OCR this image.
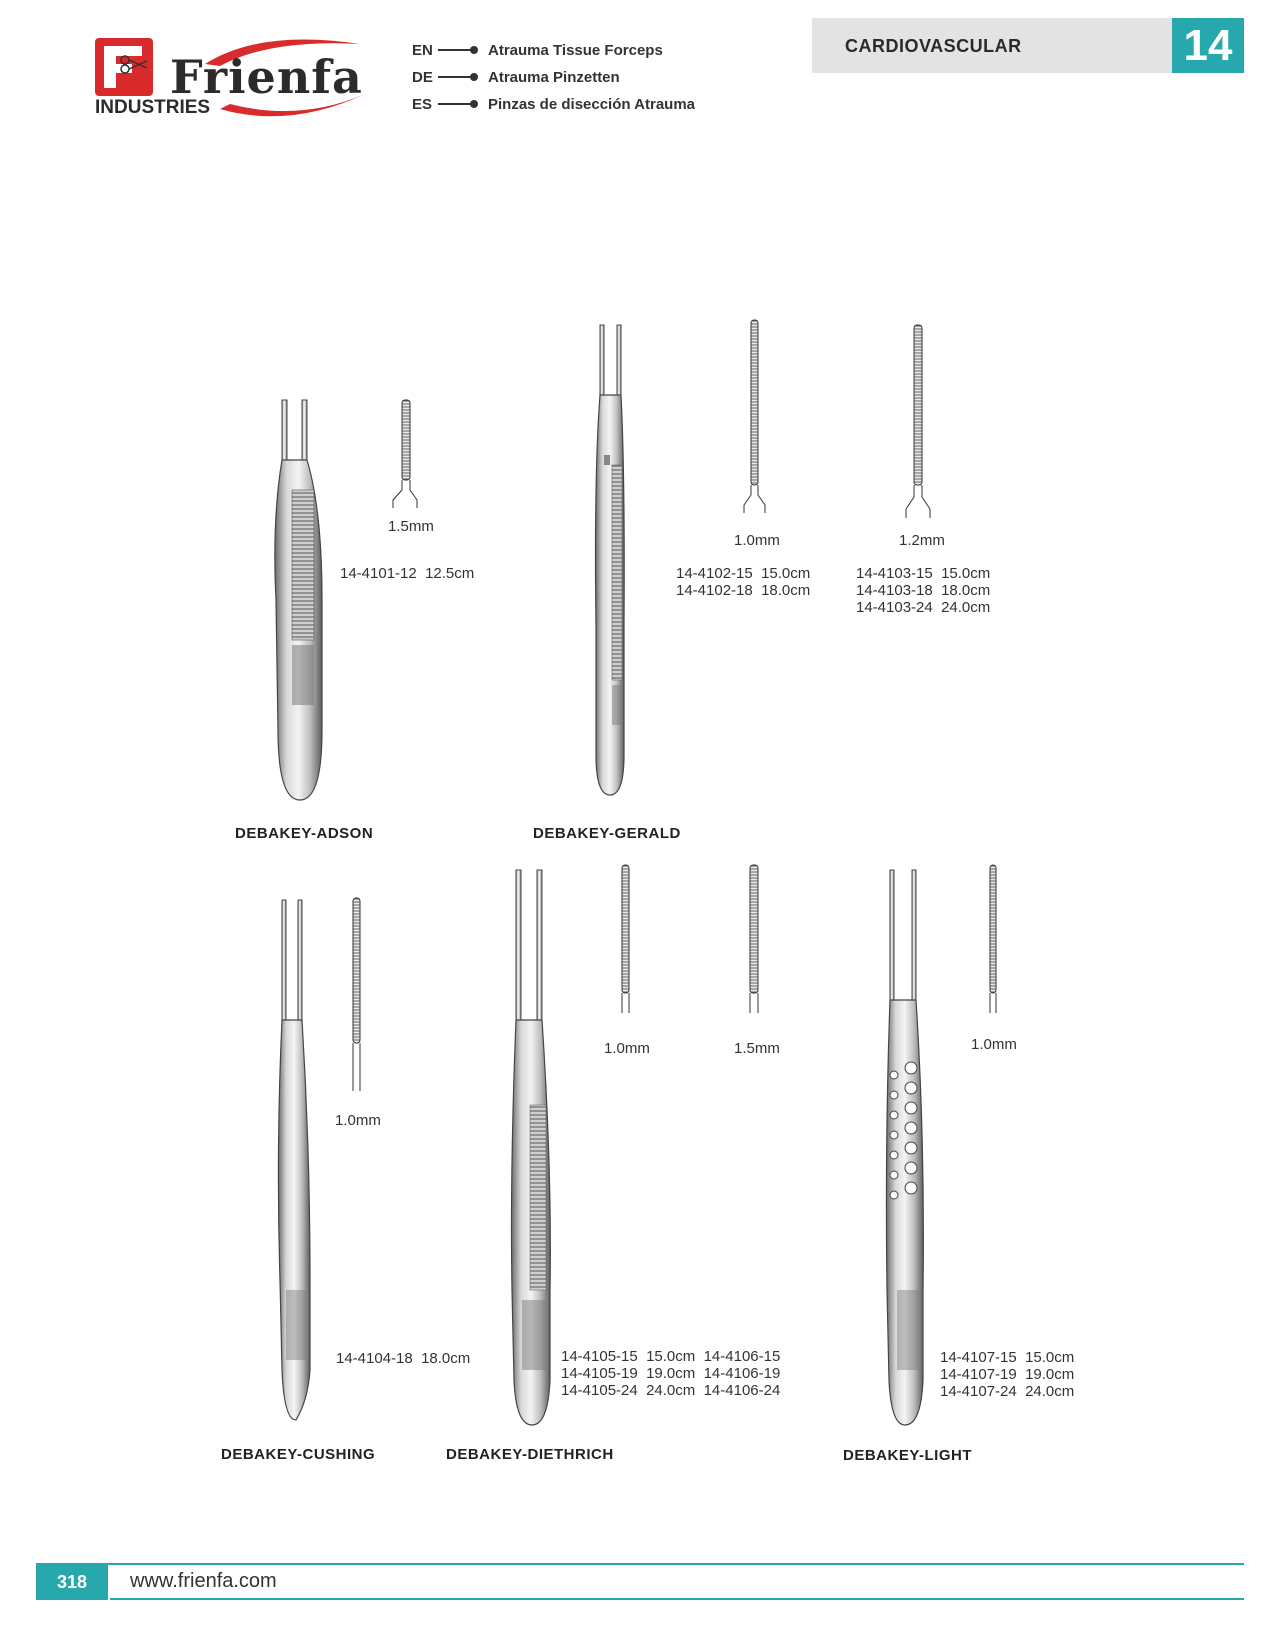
Frienfa
INDUSTRIES
EN	Atrauma Tissue Forceps
DE	Atrauma Pinzetten
ES	Pinzas de disección Atrauma
CARDIOVASCULAR	14
1.5mm
14-4101-12  12.5cm
DEBAKEY-ADSON
1.0mm
14-4102-15  15.0cm
14-4102-18  18.0cm
1.2mm
14-4103-15  15.0cm
14-4103-18  18.0cm
14-4103-24  24.0cm
DEBAKEY-GERALD
1.0mm
14-4104-18  18.0cm
DEBAKEY-CUSHING
1.0mm	1.5mm
14-4105-15  15.0cm  14-4106-15
14-4105-19  19.0cm  14-4106-19
14-4105-24  24.0cm  14-4106-24
DEBAKEY-DIETHRICH
1.0mm
14-4107-15  15.0cm
14-4107-19  19.0cm
14-4107-24  24.0cm
DEBAKEY-LIGHT
318	www.frienfa.com
